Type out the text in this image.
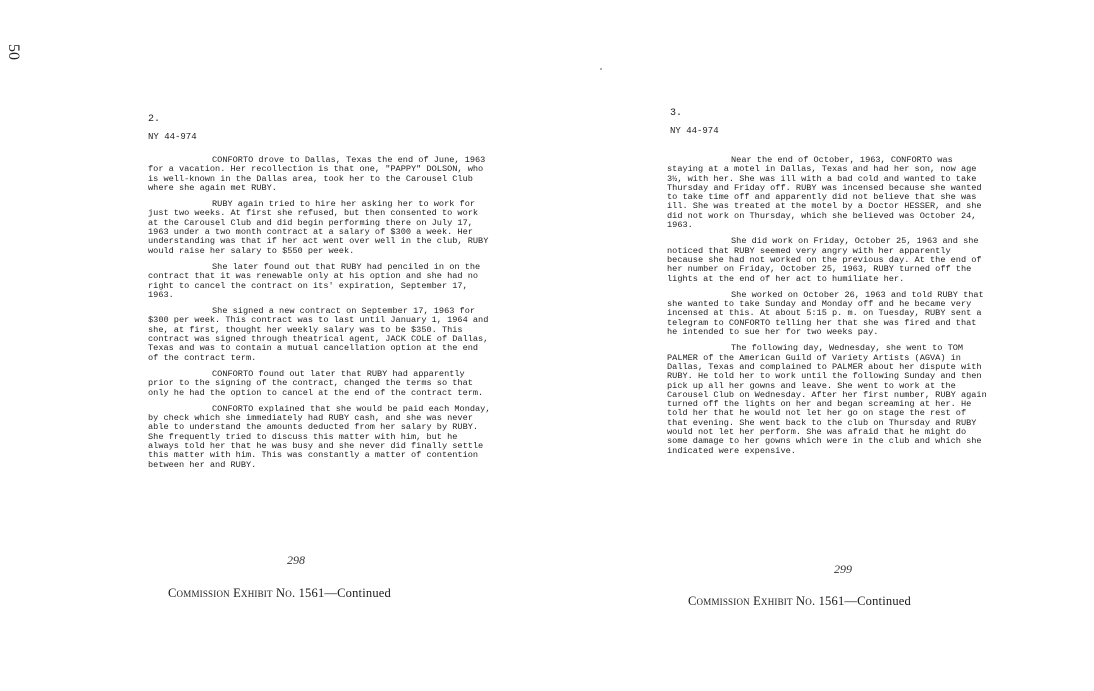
50
2.
NY 44-974

CONFORTO drove to Dallas, Texas the end of June, 1963 for a vacation. Her recollection is that one, "PAPPY" DOLSON, who is well-known in the Dallas area, took her to the Carousel Club where she again met RUBY.

RUBY again tried to hire her asking her to work for just two weeks. At first she refused, but then consented to work at the Carousel Club and did begin performing there on July 17, 1963 under a two month contract at a salary of $300 a week. Her understanding was that if her act went over well in the club, RUBY would raise her salary to $550 per week.

She later found out that RUBY had penciled in on the contract that it was renewable only at his option and she had no right to cancel the contract on its' expiration, September 17, 1963.

She signed a new contract on September 17, 1963 for $300 per week. This contract was to last until January 1, 1964 and she, at first, thought her weekly salary was to be $350. This contract was signed through theatrical agent, JACK COLE of Dallas, Texas and was to contain a mutual cancellation option at the end of the contract term.

CONFORTO found out later that RUBY had apparently prior to the signing of the contract, changed the terms so that only he had the option to cancel at the end of the contract term.

CONFORTO explained that she would be paid each Monday, by check which she immediately had RUBY cash, and she was never able to understand the amounts deducted from her salary by RUBY. She frequently tried to discuss this matter with him, but he always told her that he was busy and she never did finally settle this matter with him. This was constantly a matter of contention between her and RUBY.

298
Commission Exhibit No. 1561—Continued
3.
NY 44-974

Near the end of October, 1963, CONFORTO was staying at a motel in Dallas, Texas and had her son, now age 3½, with her. She was ill with a bad cold and wanted to take Thursday and Friday off. RUBY was incensed because she wanted to take time off and apparently did not believe that she was ill. She was treated at the motel by a Doctor HESSER, and she did not work on Thursday, which she believed was October 24, 1963.

She did work on Friday, October 25, 1963 and she noticed that RUBY seemed very angry with her apparently because she had not worked on the previous day. At the end of her number on Friday, October 25, 1963, RUBY turned off the lights at the end of her act to humiliate her.

She worked on October 26, 1963 and told RUBY that she wanted to take Sunday and Monday off and he became very incensed at this. At about 5:15 p. m. on Tuesday, RUBY sent a telegram to CONFORTO telling her that she was fired and that he intended to sue her for two weeks pay.

The following day, Wednesday, she went to TOM PALMER of the American Guild of Variety Artists (AGVA) in Dallas, Texas and complained to PALMER about her dispute with RUBY. He told her to work until the following Sunday and then pick up all her gowns and leave. She went to work at the Carousel Club on Wednesday. After her first number, RUBY again turned off the lights on her and began screaming at her. He told her that he would not let her go on stage the rest of that evening. She went back to the club on Thursday and RUBY would not let her perform. She was afraid that he might do some damage to her gowns which were in the club and which she indicated were expensive.

299
Commission Exhibit No. 1561—Continued
